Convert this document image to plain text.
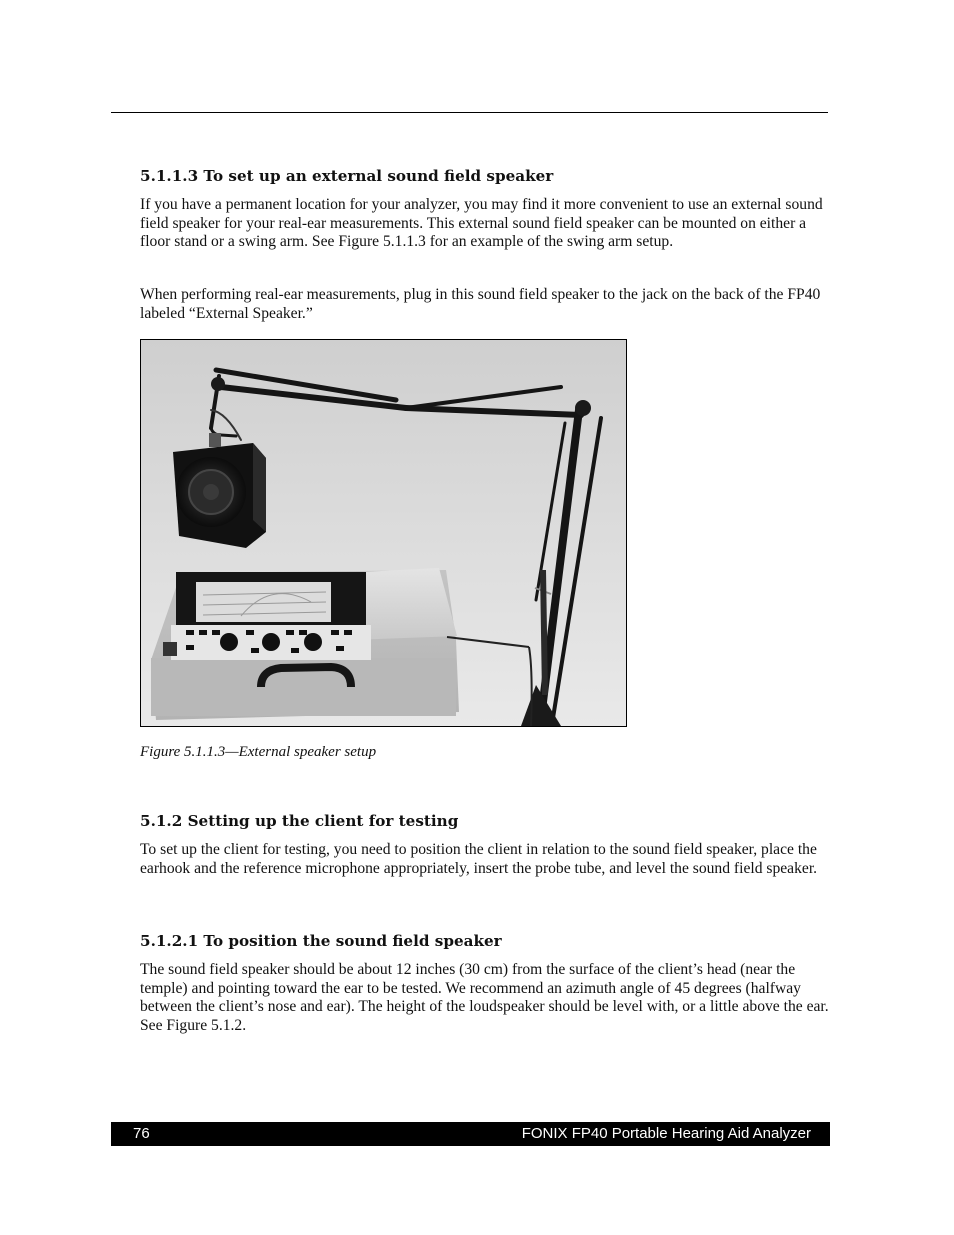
5.1.1.3 To set up an external sound field speaker

If you have a permanent location for your analyzer, you may find it more convenient to use an external sound field speaker for your real-ear measurements. This external sound field speaker can be mounted on either a floor stand or a swing arm. See Figure 5.1.1.3 for an example of the swing arm setup.

When performing real-ear measurements, plug in this sound field speaker to the jack on the back of the FP40 labeled “External Speaker.”

Figure 5.1.1.3—External speaker setup
5.1.2 Setting up the client for testing

To set up the client for testing, you need to position the client in relation to the sound field speaker, place the earhook and the reference microphone appropriately, insert the probe tube, and level the sound field speaker.

5.1.2.1 To position the sound field speaker

The sound field speaker should be about 12 inches (30 cm) from the surface of the client’s head (near the temple) and pointing toward the ear to be tested. We recommend an azimuth angle of 45 degrees (halfway between the client’s nose and ear). The height of the loudspeaker should be level with, or a little above the ear. See Figure 5.1.2.

76	FONIX FP40 Portable Hearing Aid Analyzer
